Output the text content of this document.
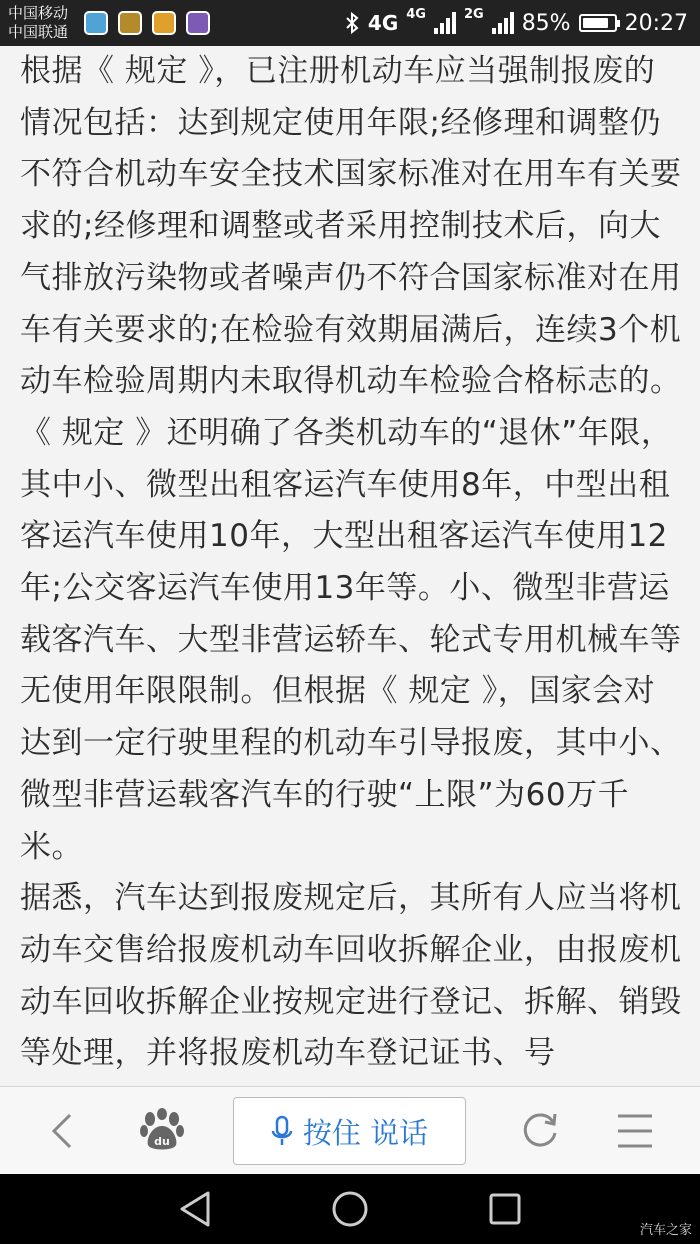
中国移动
中国联通	4G 4G	2G 85% 20:27

根据《 规定 》，已注册机动车应当强制报废的情况包括：达到规定使用年限;经修理和调整仍不符合机动车安全技术国家标准对在用车有关要求的;经修理和调整或者采用控制技术后，向大气排放污染物或者噪声仍不符合国家标准对在用车有关要求的;在检验有效期届满后，连续3个机动车检验周期内未取得机动车检验合格标志的。

《 规定 》还明确了各类机动车的“退休”年限，其中小、微型出租客运汽车使用8年，中型出租客运汽车使用10年，大型出租客运汽车使用12年;公交客运汽车使用13年等。小、微型非营运载客汽车、大型非营运轿车、轮式专用机械车等无使用年限限制。但根据《 规定 》，国家会对达到一定行驶里程的机动车引导报废，其中小、微型非营运载客汽车的行驶“上限”为60万千米。

据悉，汽车达到报废规定后，其所有人应当将机动车交售给报废机动车回收拆解企业，由报废机动车回收拆解企业按规定进行登记、拆解、销毁等处理，并将报废机动车登记证书、号

du	按住 说话
汽车之家
